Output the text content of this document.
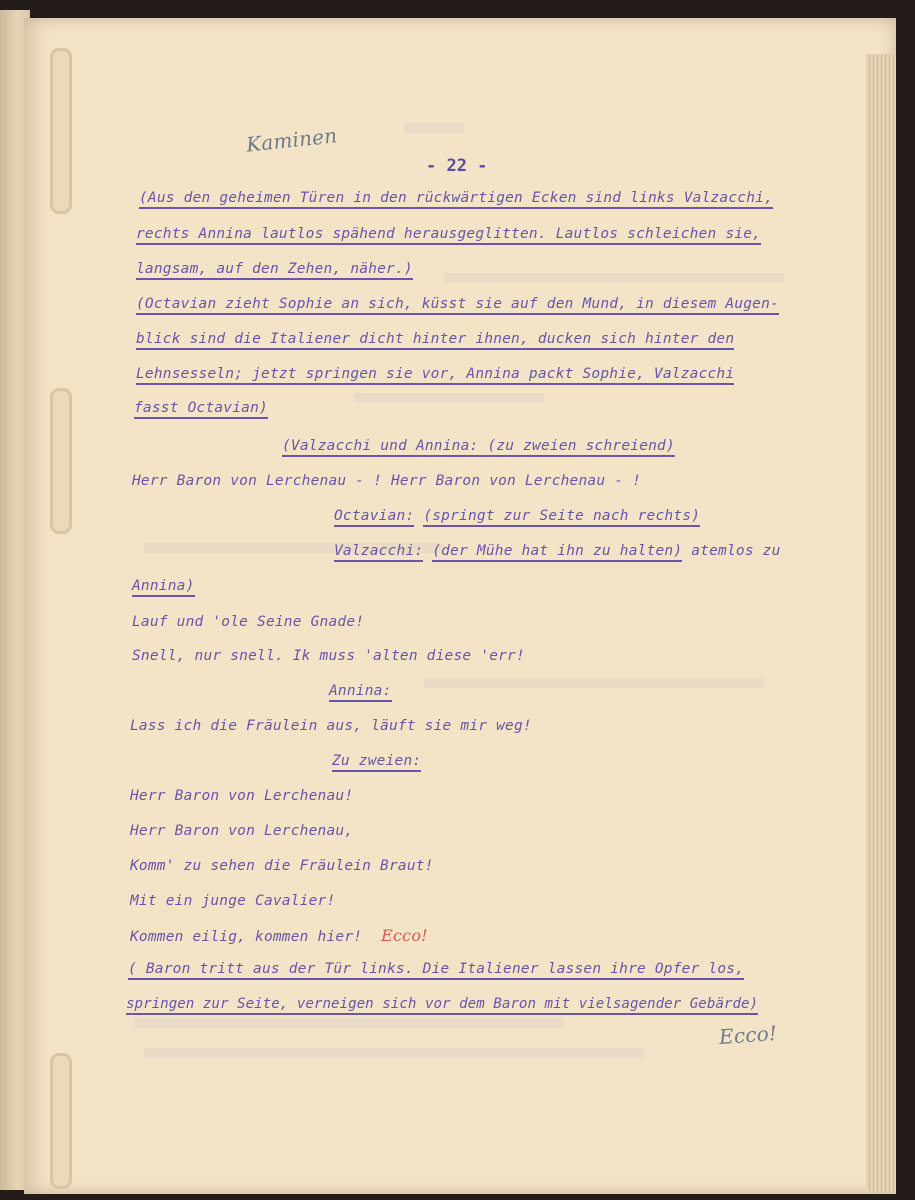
- 22 -
Kaminen
(Aus den geheimen Türen in den rückwärtigen Ecken sind links Valzacchi,
rechts Annina lautlos spähend herausgeglitten. Lautlos schleichen sie,
langsam, auf den Zehen, näher.)
(Octavian zieht Sophie an sich, küsst sie auf den Mund, in diesem Augen-
blick sind die Italiener dicht hinter ihnen, ducken sich hinter den
Lehnsesseln; jetzt springen sie vor, Annina packt Sophie, Valzacchi
fasst Octavian)
(Valzacchi und Annina: (zu zweien schreiend)
Herr Baron von Lerchenau - ! Herr Baron von Lerchenau - !
Octavian: (springt zur Seite nach rechts)
Valzacchi: (der Mühe hat ihn zu halten) atemlos zu
Annina)
Lauf und 'ole Seine Gnade!
Snell, nur snell. Ik muss 'alten diese 'err!
Annina:
Lass ich die Fräulein aus, läuft sie mir weg!
Zu zweien:
Herr Baron von Lerchenau!
Herr Baron von Lerchenau,
Komm' zu sehen die Fräulein Braut!
Mit ein junge Cavalier!
Kommen eilig, kommen hier! Ecco!
( Baron tritt aus der Tür links. Die Italiener lassen ihre Opfer los,
springen zur Seite, verneigen sich vor dem Baron mit vielsagender Gebärde)
Ecco!
